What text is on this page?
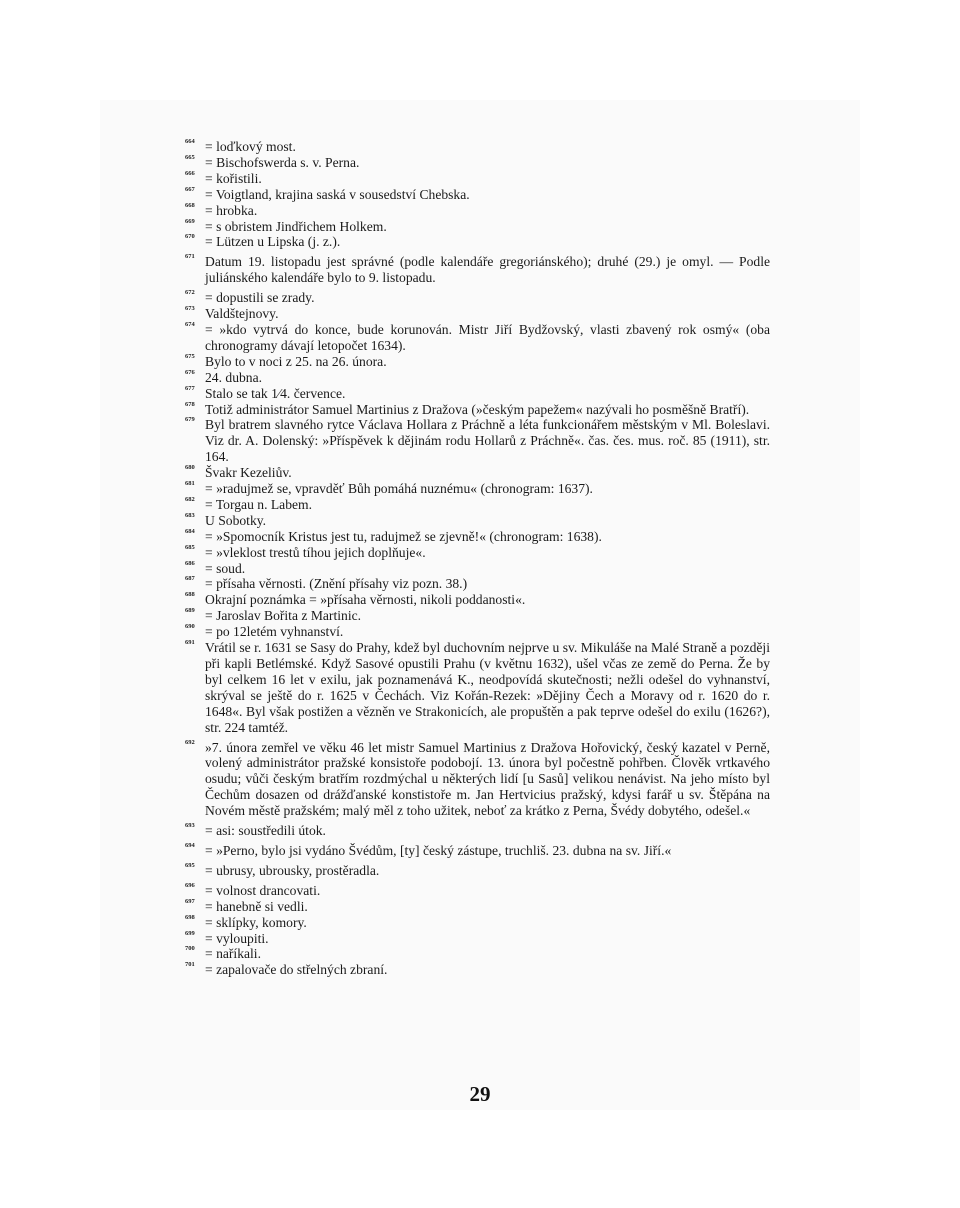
664 = loďkový most.
665 = Bischofswerda s. v. Perna.
666 = kořistili.
667 = Voigtland, krajina saská v sousedství Chebska.
668 = hrobka.
669 = s obristem Jindřichem Holkem.
670 = Lützen u Lipska (j. z.).
671 Datum 19. listopadu jest správné (podle kalendáře gregoriánského); druhé (29.) je omyl. — Podle juliánského kalendáře bylo to 9. listopadu.
672 = dopustili se zrady.
673 Valdštejnovy.
674 = »kdo vytrvá do konce, bude korunován. Mistr Jiří Bydžovský, vlasti zbavený rok osmý« (oba chronogramy dávají letopočet 1634).
675 Bylo to v noci z 25. na 26. února.
676 24. dubna.
677 Stalo se tak 1⁄4. července.
678 Totiž administrátor Samuel Martinius z Dražova (»českým papežem« nazývali ho posměšně Bratří).
679 Byl bratrem slavného rytce Václava Hollara z Práchně a léta funkcionářem městským v Ml. Boleslavi. Viz dr. A. Dolenský: »Příspěvek k dějinám rodu Hollarů z Práchně«. čas. čes. mus. roč. 85 (1911), str. 164.
680 Švakr Kezeliův.
681 = »radujmež se, vpravděť Bůh pomáhá nuznému« (chronogram: 1637).
682 = Torgau n. Labem.
683 U Sobotky.
684 = »Spomocník Kristus jest tu, radujmež se zjevně!« (chronogram: 1638).
685 = »vleklost trestů tíhou jejich doplňuje«.
686 = soud.
687 = přísaha věrnosti. (Znění přísahy viz pozn. 38.)
688 Okrajní poznámka = »přísaha věrnosti, nikoli poddanosti«.
689 = Jaroslav Bořita z Martinic.
690 = po 12letém vyhnanství.
691 Vrátil se r. 1631 se Sasy do Prahy, kdež byl duchovním nejprve u sv. Mikuláše na Malé Straně a později při kapli Betlémské. Když Sasové opustili Prahu (v květnu 1632), ušel včas ze země do Perna. Že by byl celkem 16 let v exilu, jak poznamenává K., neodpovídá skutečnosti; nežli odešel do vyhnanství, skrýval se ještě do r. 1625 v Čechách. Viz Kořán-Rezek: »Dějiny Čech a Moravy od r. 1620 do r. 1648«. Byl však postižen a vězněn ve Strakonicích, ale propuštěn a pak teprve odešel do exilu (1626?), str. 224 tamtéž.
692 »7. února zemřel ve věku 46 let mistr Samuel Martinius z Dražova Hořovický, český kazatel v Perně, volený administrátor pražské konsistoře podobojí. 13. února byl počestně pohřben. Člověk vrtkavého osudu; vůči českým bratřím rozdmýchal u některých lidí [u Sasů] velikou nenávist. Na jeho místo byl Čechům dosazen od drážďanské konstistoře m. Jan Hertvicius pražský, kdysi farář u sv. Štěpána na Novém městě pražském; malý měl z toho užitek, neboť za krátko z Perna, Švédy dobytého, odešel.«
693 = asi: soustředili útok.
694 = »Perno, bylo jsi vydáno Švédům, [ty] český zástupe, truchliš. 23. dubna na sv. Jiří.«
695 = ubrusy, ubrousky, prostěradla.
696 = volnost drancovati.
697 = hanebně si vedli.
698 = sklípky, komory.
699 = vyloupiti.
700 = naříkali.
701 = zapalovače do střelných zbraní.
29
